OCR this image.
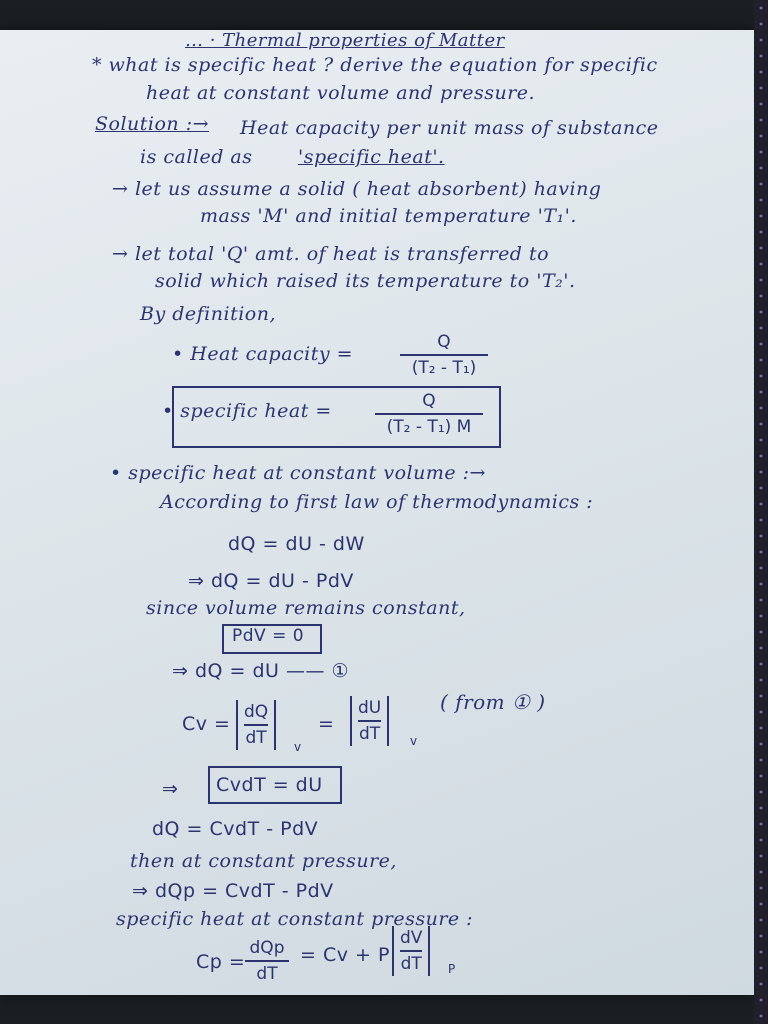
… · Thermal properties of Matter
* what is specific heat ? derive the equation for specific
heat at constant volume and pressure.
Solution :→ Heat capacity per unit mass of substance
is called as 'specific heat'.
→ let us assume a solid ( heat absorbent) having
mass 'M' and initial temperature 'T₁'.
→ let total 'Q' amt. of heat is transferred to
solid which raised its temperature to 'T₂'.
By definition,
• Heat capacity =
Q
(T₂ - T₁)
• specific heat =	Q
(T₂ - T₁) M
• specific heat at constant volume :→
According to first law of thermodynamics :
dQ = dU - dW
⇒ dQ = dU - PdV
since volume remains constant,
PdV = 0
⇒ dQ = dU —— ①
Cv =
dQ
dT v
=
dU
dT v
( from ① )
⇒ CvdT = dU
dQ = CvdT - PdV
then at constant pressure,
⇒ dQp = CvdT - PdV
specific heat at constant pressure :
Cp =
dQp
dT
= Cv + P
dV
dT P
